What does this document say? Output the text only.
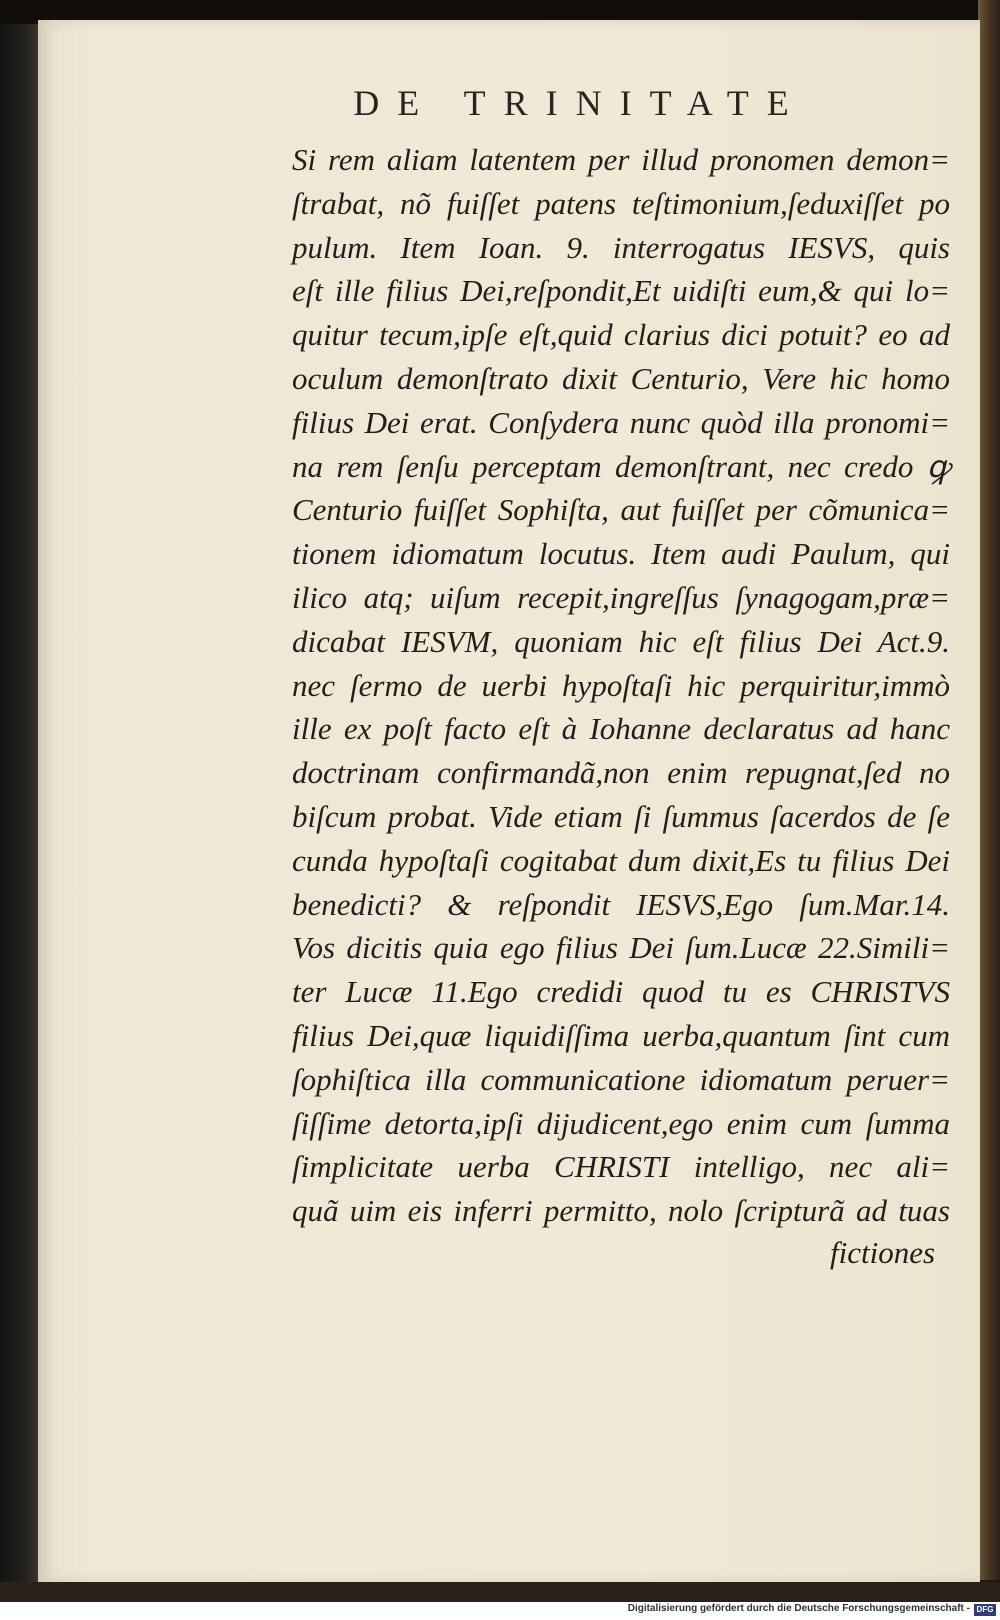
DE TRINITATE
Si rem aliam latentem per illud pronomen demon=
ſtrabat, nõ fuiſſet patens teſtimonium,ſeduxiſſet po
pulum. Item Ioan. 9. interrogatus IESVS, quis
eſt ille filius Dei,reſpondit,Et uidiſti eum,& qui lo=
quitur tecum,ipſe eſt,quid clarius dici potuit? eo ad
oculum demonſtrato dixit Centurio, Vere hic homo
filius Dei erat. Conſydera nunc quòd illa pronomi=
na rem ſenſu perceptam demonſtrant, nec credo ꝙ
Centurio fuiſſet Sophiſta, aut fuiſſet per cõmunica=
tionem idiomatum locutus. Item audi Paulum, qui
ilico atq; uiſum recepit,ingreſſus ſynagogam,præ=
dicabat IESVM, quoniam hic eſt filius Dei Act.9.
nec ſermo de uerbi hypoſtaſi hic perquiritur,immò
ille ex poſt facto eſt à Iohanne declaratus ad hanc
doctrinam confirmandã,non enim repugnat,ſed no
biſcum probat. Vide etiam ſi ſummus ſacerdos de ſe
cunda hypoſtaſi cogitabat dum dixit,Es tu filius Dei
benedicti? & reſpondit IESVS,Ego ſum.Mar.14.
Vos dicitis quia ego filius Dei ſum.Lucæ 22.Simili=
ter Lucæ 11.Ego credidi quod tu es CHRISTVS
filius Dei,quæ liquidiſſima uerba,quantum ſint cum
ſophiſtica illa communicatione idiomatum peruer=
ſiſſime detorta,ipſi dijudicent,ego enim cum ſumma
ſimplicitate uerba CHRISTI intelligo, nec ali=
quã uim eis inferri permitto, nolo ſcripturã ad tuas
fictiones
Digitalisierung gefördert durch die Deutsche Forschungsgemeinschaft - DFG
